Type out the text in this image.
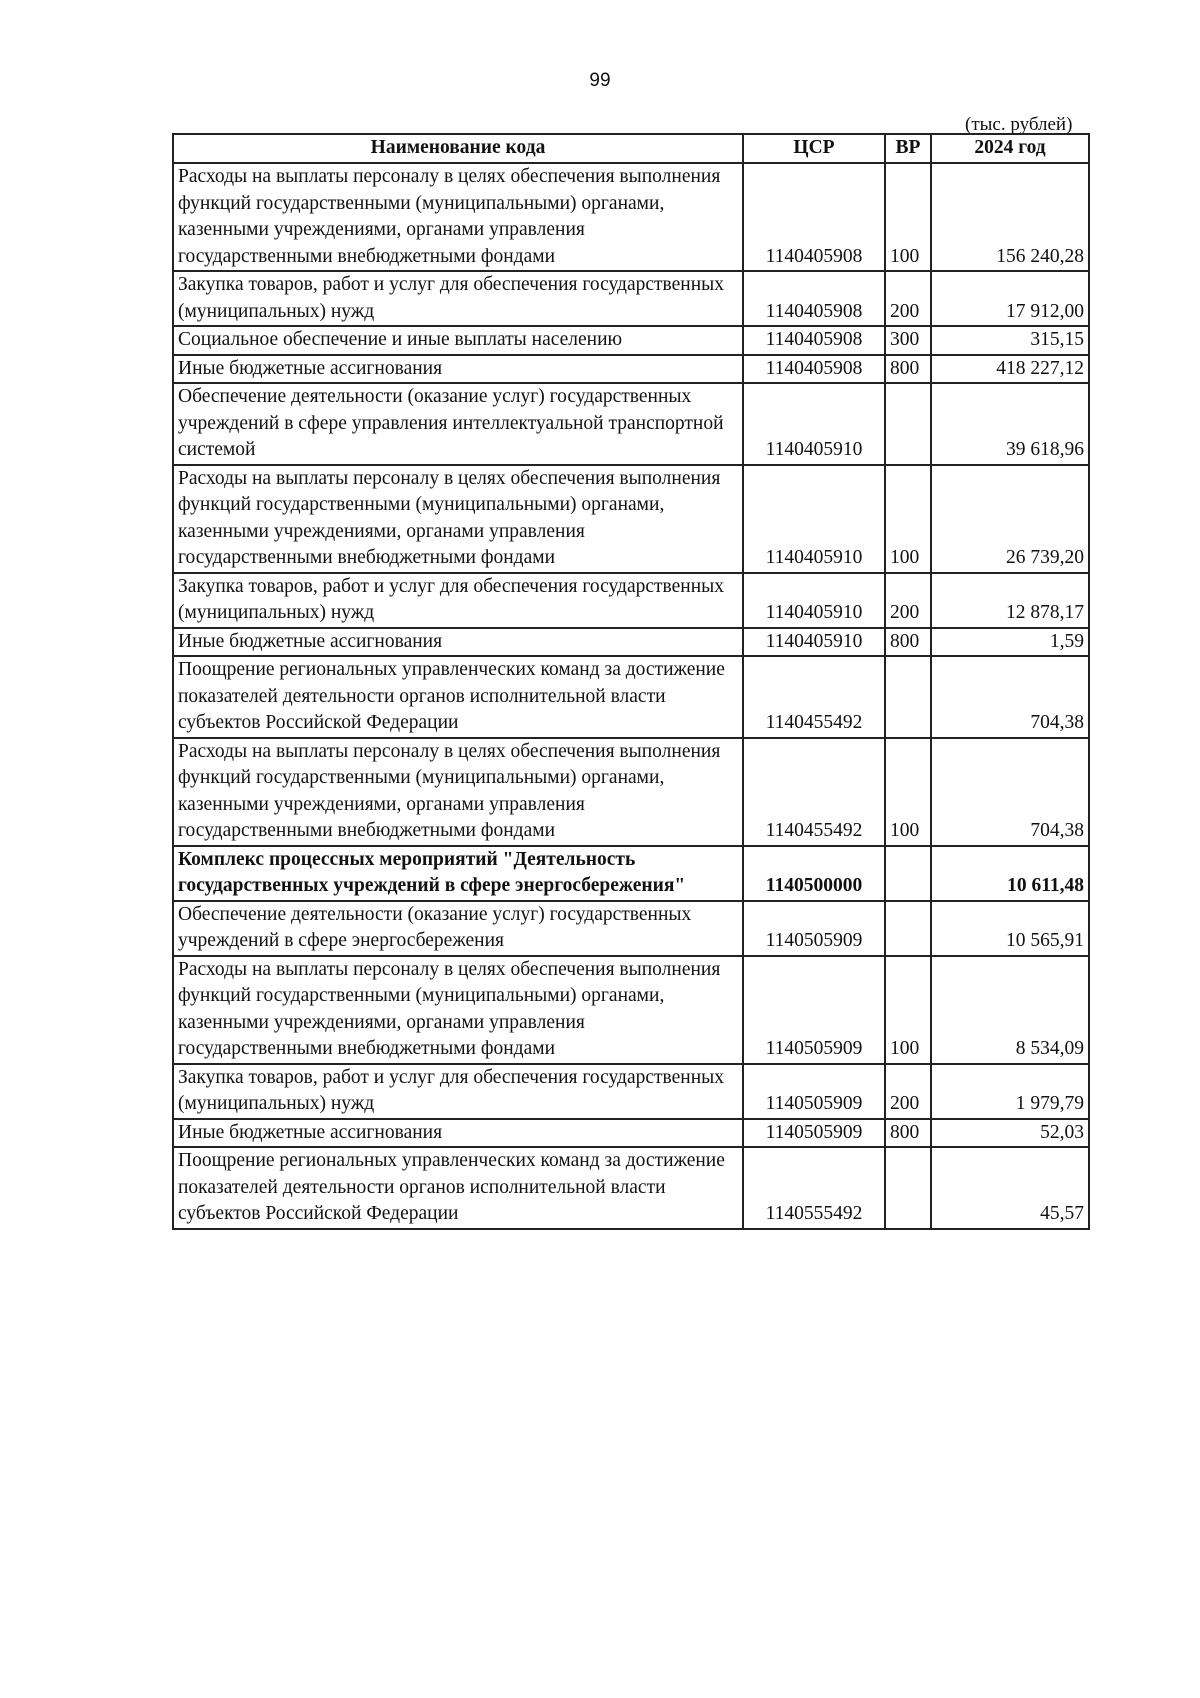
99
(тыс. рублей)
Наименование кода	ЦСР	ВР	2024 год
Расходы на выплаты персоналу в целях обеспечения выполнения функций государственными (муниципальными) органами, казенными учреждениями, органами управления государственными внебюджетными фондами	1140405908	100	156 240,28
Закупка товаров, работ и услуг для обеспечения государственных (муниципальных) нужд	1140405908	200	17 912,00
Социальное обеспечение и иные выплаты населению	1140405908	300	315,15
Иные бюджетные ассигнования	1140405908	800	418 227,12
Обеспечение деятельности (оказание услуг) государственных учреждений в сфере управления интеллектуальной транспортной системой	1140405910		39 618,96
Расходы на выплаты персоналу в целях обеспечения выполнения функций государственными (муниципальными) органами, казенными учреждениями, органами управления государственными внебюджетными фондами	1140405910	100	26 739,20
Закупка товаров, работ и услуг для обеспечения государственных (муниципальных) нужд	1140405910	200	12 878,17
Иные бюджетные ассигнования	1140405910	800	1,59
Поощрение региональных управленческих команд за достижение показателей деятельности органов исполнительной власти субъектов Российской Федерации	1140455492		704,38
Расходы на выплаты персоналу в целях обеспечения выполнения функций государственными (муниципальными) органами, казенными учреждениями, органами управления государственными внебюджетными фондами	1140455492	100	704,38
Комплекс процессных мероприятий "Деятельность государственных учреждений в сфере энергосбережения"	1140500000		10 611,48
Обеспечение деятельности (оказание услуг) государственных учреждений в сфере энергосбережения	1140505909		10 565,91
Расходы на выплаты персоналу в целях обеспечения выполнения функций государственными (муниципальными) органами, казенными учреждениями, органами управления государственными внебюджетными фондами	1140505909	100	8 534,09
Закупка товаров, работ и услуг для обеспечения государственных (муниципальных) нужд	1140505909	200	1 979,79
Иные бюджетные ассигнования	1140505909	800	52,03
Поощрение региональных управленческих команд за достижение показателей деятельности органов исполнительной власти субъектов Российской Федерации	1140555492		45,57
